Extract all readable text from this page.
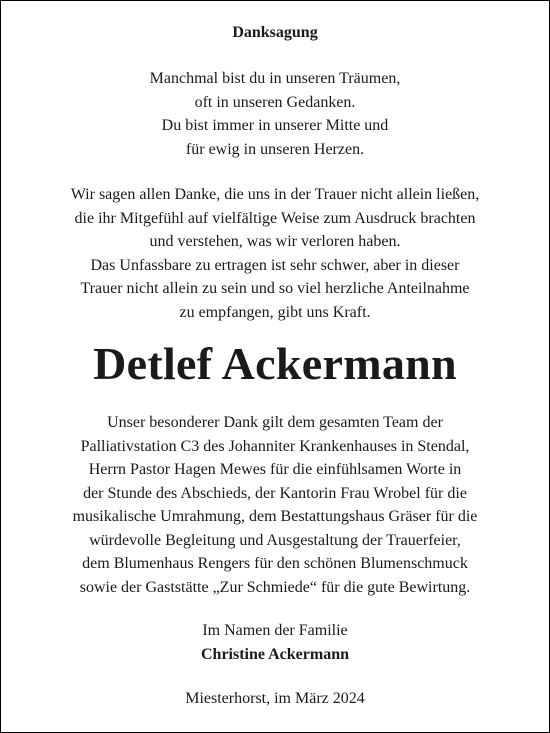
Danksagung
Manchmal bist du in unseren Träumen,
oft in unseren Gedanken.
Du bist immer in unserer Mitte und
für ewig in unseren Herzen.
Wir sagen allen Danke, die uns in der Trauer nicht allein ließen,
die ihr Mitgefühl auf vielfältige Weise zum Ausdruck brachten
und verstehen, was wir verloren haben.
Das Unfassbare zu ertragen ist sehr schwer, aber in dieser
Trauer nicht allein zu sein und so viel herzliche Anteilnahme
zu empfangen, gibt uns Kraft.
Detlef Ackermann
Unser besonderer Dank gilt dem gesamten Team der
Palliativstation C3 des Johanniter Krankenhauses in Stendal,
Herrn Pastor Hagen Mewes für die einfühlsamen Worte in
der Stunde des Abschieds, der Kantorin Frau Wrobel für die
musikalische Umrahmung, dem Bestattungshaus Gräser für die
würdevolle Begleitung und Ausgestaltung der Trauerfeier,
dem Blumenhaus Rengers für den schönen Blumenschmuck
sowie der Gaststätte „Zur Schmiede“ für die gute Bewirtung.
Im Namen der Familie
Christine Ackermann
Miesterhorst, im März 2024
